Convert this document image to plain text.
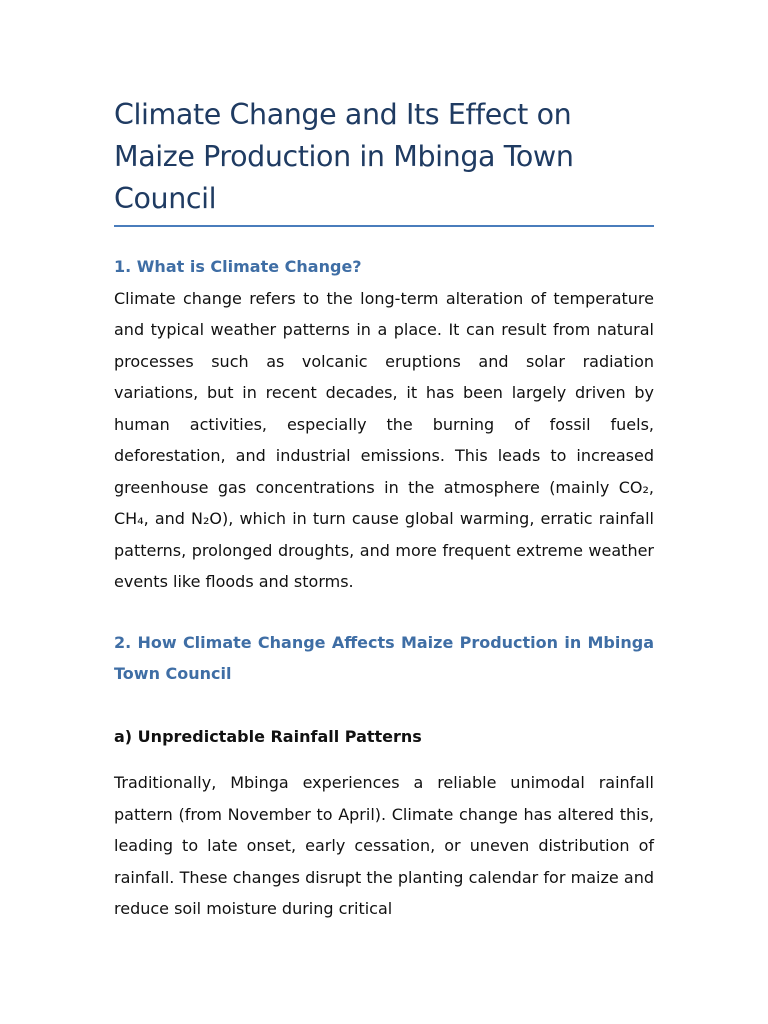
Climate Change and Its Effect on Maize Production in Mbinga Town Council
1. What is Climate Change?

Climate change refers to the long-term alteration of temperature and typical weather patterns in a place. It can result from natural processes such as volcanic eruptions and solar radiation variations, but in recent decades, it has been largely driven by human activities, especially the burning of fossil fuels, deforestation, and industrial emissions. This leads to increased greenhouse gas concentrations in the atmosphere (mainly CO₂, CH₄, and N₂O), which in turn cause global warming, erratic rainfall patterns, prolonged droughts, and more frequent extreme weather events like floods and storms.

2. How Climate Change Affects Maize Production in Mbinga Town Council
a) Unpredictable Rainfall Patterns

Traditionally, Mbinga experiences a reliable unimodal rainfall pattern (from November to April). Climate change has altered this, leading to late onset, early cessation, or uneven distribution of rainfall. These changes disrupt the planting calendar for maize and reduce soil moisture during critical
